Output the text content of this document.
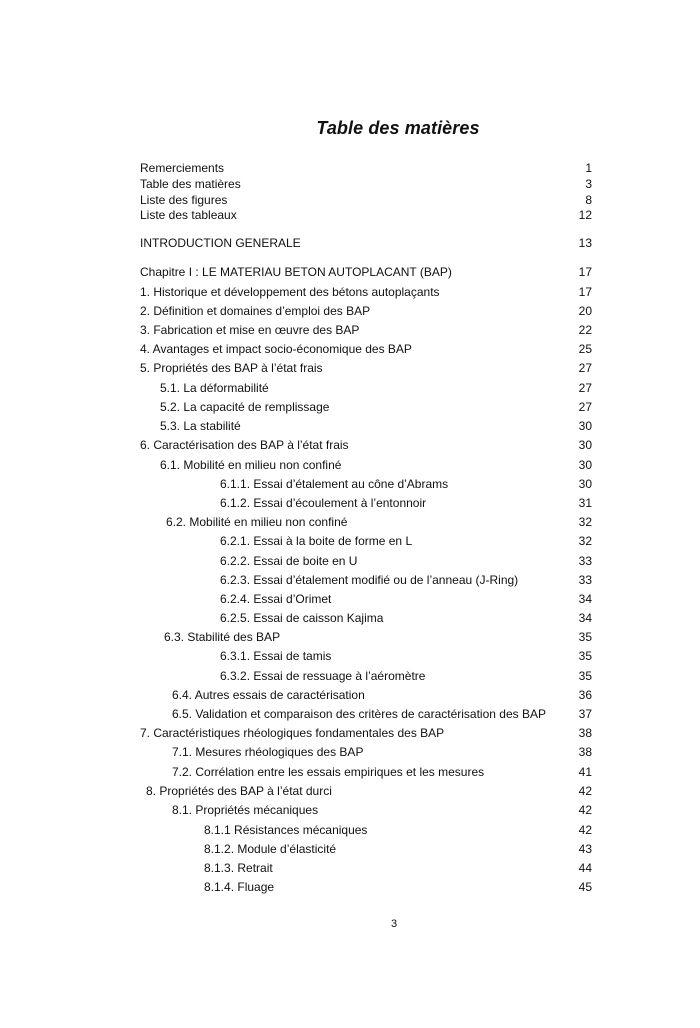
Table des matières
Remerciements	1
Table des matières	3
Liste des figures	8
Liste des tableaux	12
INTRODUCTION GENERALE	13
Chapitre I : LE MATERIAU BETON AUTOPLACANT (BAP)	17
1. Historique et développement des bétons autoplaçants	17
2. Définition et domaines d’emploi des BAP	20
3. Fabrication et mise en œuvre des BAP	22
4. Avantages et impact socio-économique des BAP	25
5. Propriétés des BAP à l’état frais	27
5.1. La déformabilité	27
5.2. La capacité de remplissage	27
5.3. La stabilité	30
6. Caractérisation des BAP à l’état frais	30
6.1. Mobilité en milieu non confiné	30
6.1.1. Essai d’étalement au cône d’Abrams	30
6.1.2. Essai d’écoulement à l’entonnoir	31
6.2. Mobilité en milieu non confiné	32
6.2.1. Essai à la boite de forme en L	32
6.2.2. Essai de boite en U	33
6.2.3. Essai d’étalement modifié ou de l’anneau (J-Ring)	33
6.2.4. Essai d’Orimet	34
6.2.5. Essai de caisson Kajima	34
6.3. Stabilité des BAP	35
6.3.1. Essai de tamis	35
6.3.2. Essai de ressuage à l’aéromètre	35
6.4. Autres essais de caractérisation	36
6.5. Validation et comparaison des critères de caractérisation des BAP	37
7. Caractéristiques rhéologiques fondamentales des BAP	38
7.1. Mesures rhéologiques des BAP	38
7.2. Corrélation entre les essais empiriques et les mesures	41
8. Propriétés des BAP à l’état durci	42
8.1. Propriétés mécaniques	42
8.1.1 Résistances mécaniques	42
8.1.2. Module d’élasticité	43
8.1.3. Retrait	44
8.1.4. Fluage	45
3
